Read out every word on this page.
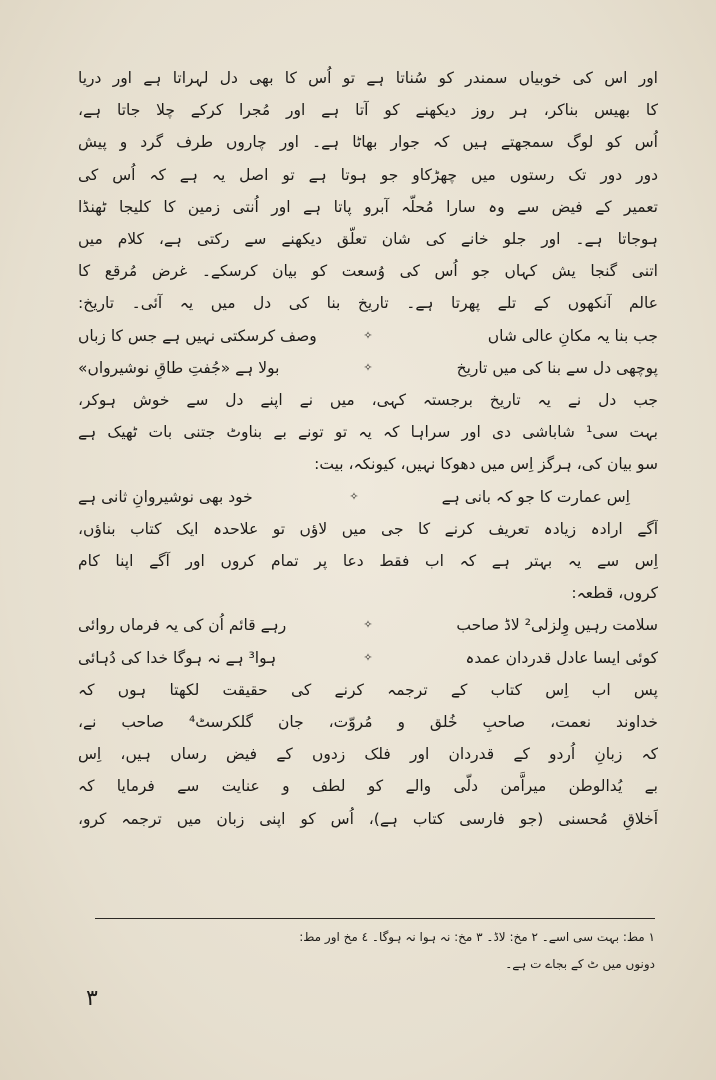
اور اس کی خوبیاں سمندر کو سُناتا ہے تو اُس کا بھی دل لہراتا ہے اور دریا
کا بھیس بناکر، ہر روز دیکھنے کو آتا ہے اور مُجرا کرکے چلا جاتا ہے،
اُس کو لوگ سمجھتے ہیں کہ جوار بھاٹا ہے۔ اور چاروں طرف گرد و پیش
دور دور تک رستوں میں چھڑکاو جو ہوتا ہے تو اصل یہ ہے کہ اُس کی
تعمیر کے فیض سے وہ سارا مُحلّہ آبرو پاتا ہے اور اُنتی زمین کا کلیجا ٹھنڈا
ہوجاتا ہے۔ اور جلو خانے کی شان تعلّق دیکھنے سے رکتی ہے، کلام میں
اتنی گنجا یش کہاں جو اُس کی وُسعت کو بیان کرسکے۔ غرض مُرقع کا
عالم آنکھوں کے تلے پھرتا ہے۔ تاریخ بنا کی دل میں یہ آئی۔ تاریخ:
جب بنا یہ مکانِ عالی شاں
✧
وصف کرسکتی نہیں ہے جس کا زباں
پوچھی دل سے بنا کی میں تاریخ
✧
بولا ہے «جُفتِ طاقِ نوشیرواں»
جب دل نے یہ تاریخ برجستہ کہی، میں نے اپنے دل سے خوش ہوکر،
بہت سی¹ شاباشی دی اور سراہا کہ یہ تو تونے بے بناوٹ جتنی بات ٹھیک ہے
سو بیان کی، ہرگز اِس میں دھوکا نہیں، کیونکہ، بیت:
اِس عمارت کا جو کہ بانی ہے
✧
خود بھی نوشیروانِ ثانی ہے
آگے ارادہ زیادہ تعریف کرنے کا جی میں لاؤں تو علاحدہ ایک کتاب بناؤں،
اِس سے یہ بہتر ہے کہ اب فقط دعا پر تمام کروں اور آگے اپنا کام
کروں، قطعہ:
سلامت رہیں وِلزلی² لاڈ صاحب
✧
رہے قائم اُن کی یہ فرماں روائی
کوئی ایسا عادل قدردان عمدہ
✧
ہوا³ ہے نہ ہوگا خدا کی دُہائی
پس اب اِس کتاب کے ترجمہ کرنے کی حقیقت لکھتا ہوں کہ
خداوند نعمت، صاحبِ خُلق و مُروّت، جان گلکرسٹ⁴ صاحب نے،
کہ زبانِ اُردو کے قدردان اور فلک زدوں کے فیض رساں ہیں، اِس
بے یُدالوطن میراَّمن دلّی والے کو لطف و عنایت سے فرمایا کہ
اَخلاقِ مُحسنی (جو فارسی کتاب ہے)، اُس کو اپنی زبان میں ترجمہ کرو،
١ مط: بہت سی اسے۔ ٢ مخ: لاڈ۔ ٣ مخ: نہ ہوا نہ ہوگا۔ ٤ مخ اور مط:
دونوں میں ٹ کے بجاے ت ہے۔
۳
